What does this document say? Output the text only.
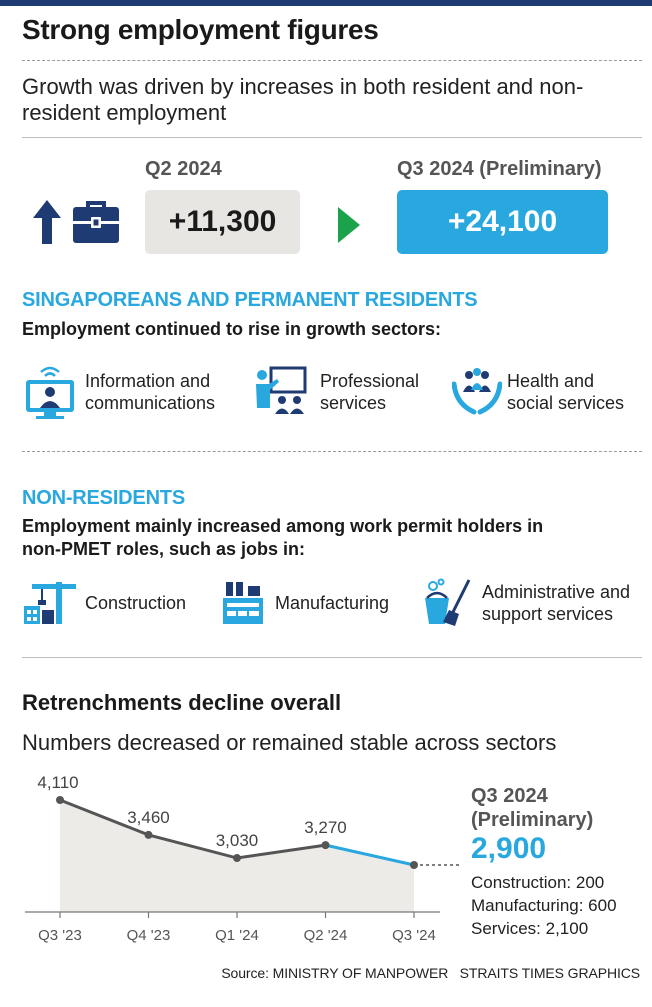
Strong employment figures
Growth was driven by increases in both resident and non-resident employment
Q2 2024
+11,300
Q3 2024 (Preliminary)
+24,100
SINGAPOREANS AND PERMANENT RESIDENTS
Employment continued to rise in growth sectors:
Information and
communications
Professional
services
Health and
social services
NON-RESIDENTS
Employment mainly increased among work permit holders in
non-PMET roles, such as jobs in:
Construction	Manufacturing
Administrative and
support services
Retrenchments decline overall
Numbers decreased or remained stable across sectors
4,110
3,460
3,030
3,270
Q3 '23	Q4 '23	Q1 '24	Q2 '24	Q3 '24
Q3 2024
(Preliminary)
2,900
Construction: 200
Manufacturing: 600
Services: 2,100
Source: MINISTRY OF MANPOWER STRAITS TIMES GRAPHICS
